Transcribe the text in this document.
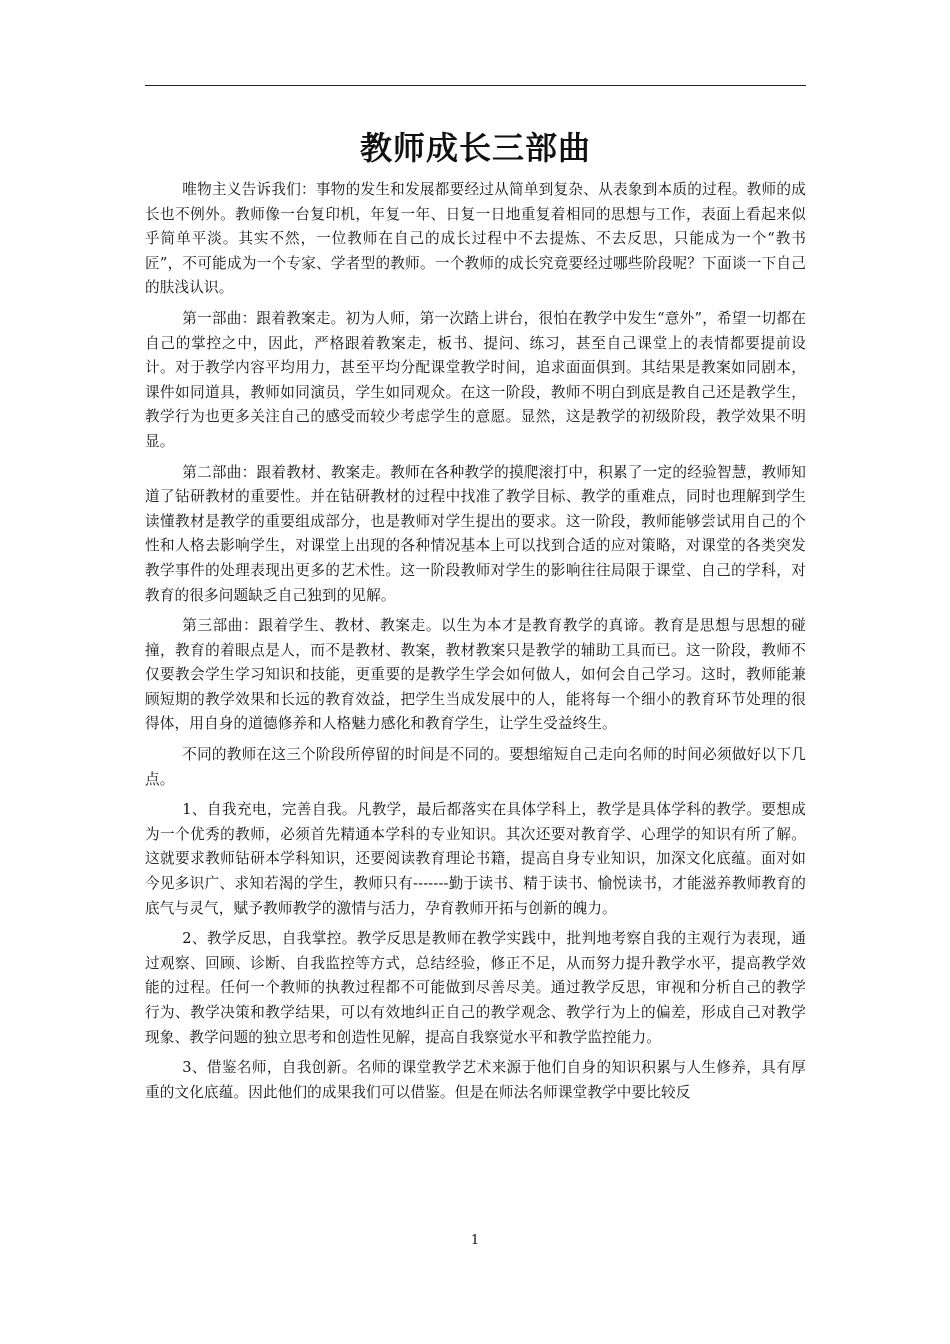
教师成长三部曲

唯物主义告诉我们：事物的发生和发展都要经过从简单到复杂、从表象到本质的过程。教师的成长也不例外。教师像一台复印机，年复一年、日复一日地重复着相同的思想与工作，表面上看起来似乎简单平淡。其实不然，一位教师在自己的成长过程中不去提炼、不去反思，只能成为一个“教书匠”，不可能成为一个专家、学者型的教师。一个教师的成长究竟要经过哪些阶段呢？下面谈一下自己的肤浅认识。

第一部曲：跟着教案走。初为人师，第一次踏上讲台，很怕在教学中发生“意外”，希望一切都在自己的掌控之中，因此，严格跟着教案走，板书、提问、练习，甚至自己课堂上的表情都要提前设计。对于教学内容平均用力，甚至平均分配课堂教学时间，追求面面俱到。其结果是教案如同剧本，课件如同道具，教师如同演员，学生如同观众。在这一阶段，教师不明白到底是教自己还是教学生，教学行为也更多关注自己的感受而较少考虑学生的意愿。显然，这是教学的初级阶段，教学效果不明显。

第二部曲：跟着教材、教案走。教师在各种教学的摸爬滚打中，积累了一定的经验智慧，教师知道了钻研教材的重要性。并在钻研教材的过程中找准了教学目标、教学的重难点，同时也理解到学生读懂教材是教学的重要组成部分，也是教师对学生提出的要求。这一阶段，教师能够尝试用自己的个性和人格去影响学生，对课堂上出现的各种情况基本上可以找到合适的应对策略，对课堂的各类突发教学事件的处理表现出更多的艺术性。这一阶段教师对学生的影响往往局限于课堂、自己的学科，对教育的很多问题缺乏自己独到的见解。

第三部曲：跟着学生、教材、教案走。以生为本才是教育教学的真谛。教育是思想与思想的碰撞，教育的着眼点是人，而不是教材、教案，教材教案只是教学的辅助工具而已。这一阶段，教师不仅要教会学生学习知识和技能，更重要的是教学生学会如何做人，如何会自己学习。这时，教师能兼顾短期的教学效果和长远的教育效益，把学生当成发展中的人，能将每一个细小的教育环节处理的很得体，用自身的道德修养和人格魅力感化和教育学生，让学生受益终生。

不同的教师在这三个阶段所停留的时间是不同的。要想缩短自己走向名师的时间必须做好以下几点。

1、自我充电，完善自我。凡教学，最后都落实在具体学科上，教学是具体学科的教学。要想成为一个优秀的教师，必须首先精通本学科的专业知识。其次还要对教育学、心理学的知识有所了解。这就要求教师钻研本学科知识，还要阅读教育理论书籍，提高自身专业知识，加深文化底蕴。面对如今见多识广、求知若渴的学生，教师只有-------勤于读书、精于读书、愉悦读书，才能滋养教师教育的底气与灵气，赋予教师教学的激情与活力，孕育教师开拓与创新的魄力。

2、教学反思，自我掌控。教学反思是教师在教学实践中，批判地考察自我的主观行为表现，通过观察、回顾、诊断、自我监控等方式，总结经验，修正不足，从而努力提升教学水平，提高教学效能的过程。任何一个教师的执教过程都不可能做到尽善尽美。通过教学反思，审视和分析自己的教学行为、教学决策和教学结果，可以有效地纠正自己的教学观念、教学行为上的偏差，形成自己对教学现象、教学问题的独立思考和创造性见解，提高自我察觉水平和教学监控能力。

3、借鉴名师，自我创新。名师的课堂教学艺术来源于他们自身的知识积累与人生修养，具有厚重的文化底蕴。因此他们的成果我们可以借鉴。但是在师法名师课堂教学中要比较反

1
